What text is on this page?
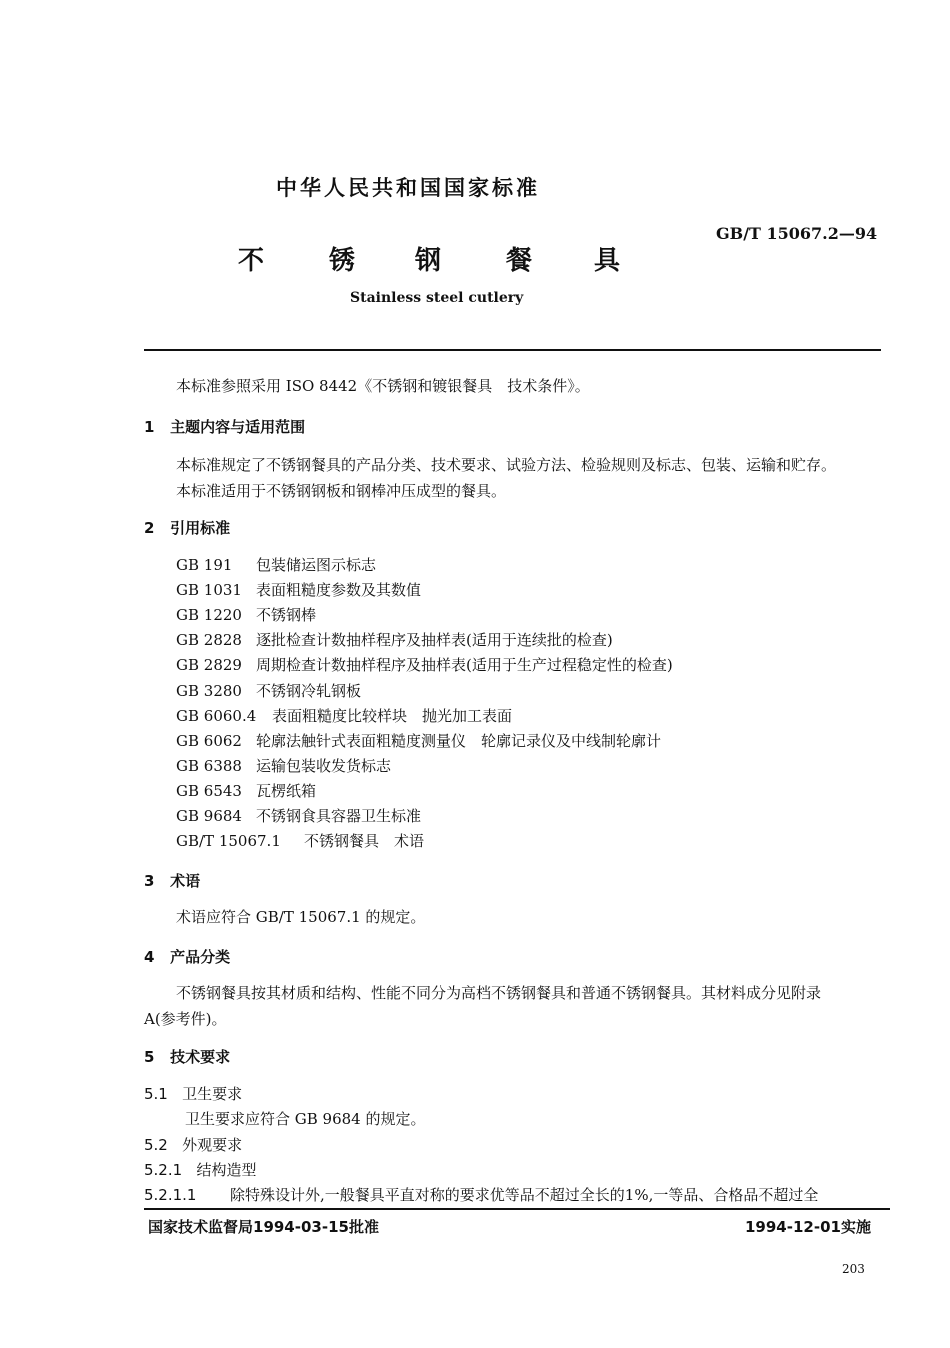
中华人民共和国国家标准
GB/T 15067.2—94
不 锈 钢 餐 具
Stainless steel cutlery
本标准参照采用 ISO 8442《不锈钢和镀银餐具　技术条件》。
1 主题内容与适用范围
本标准规定了不锈钢餐具的产品分类、技术要求、试验方法、检验规则及标志、包装、运输和贮存。
本标准适用于不锈钢钢板和钢棒冲压成型的餐具。
2 引用标准
GB 191 包装储运图示标志
GB 1031 表面粗糙度参数及其数值
GB 1220 不锈钢棒
GB 2828 逐批检查计数抽样程序及抽样表(适用于连续批的检查)
GB 2829 周期检查计数抽样程序及抽样表(适用于生产过程稳定性的检查)
GB 3280 不锈钢冷轧钢板
GB 6060.4 表面粗糙度比较样块　抛光加工表面
GB 6062 轮廓法触针式表面粗糙度测量仪　轮廓记录仪及中线制轮廓计
GB 6388 运输包装收发货标志
GB 6543 瓦楞纸箱
GB 9684 不锈钢食具容器卫生标准
GB/T 15067.1 不锈钢餐具　术语
3 术语
术语应符合 GB/T 15067.1 的规定。
4 产品分类
不锈钢餐具按其材质和结构、性能不同分为高档不锈钢餐具和普通不锈钢餐具。其材料成分见附录
A(参考件)。
5 技术要求
5.1 卫生要求
卫生要求应符合 GB 9684 的规定。
5.2 外观要求
5.2.1 结构造型
5.2.1.1 除特殊设计外,一般餐具平直对称的要求优等品不超过全长的1%,一等品、合格品不超过全
国家技术监督局1994-03-15批准	1994-12-01实施
203
